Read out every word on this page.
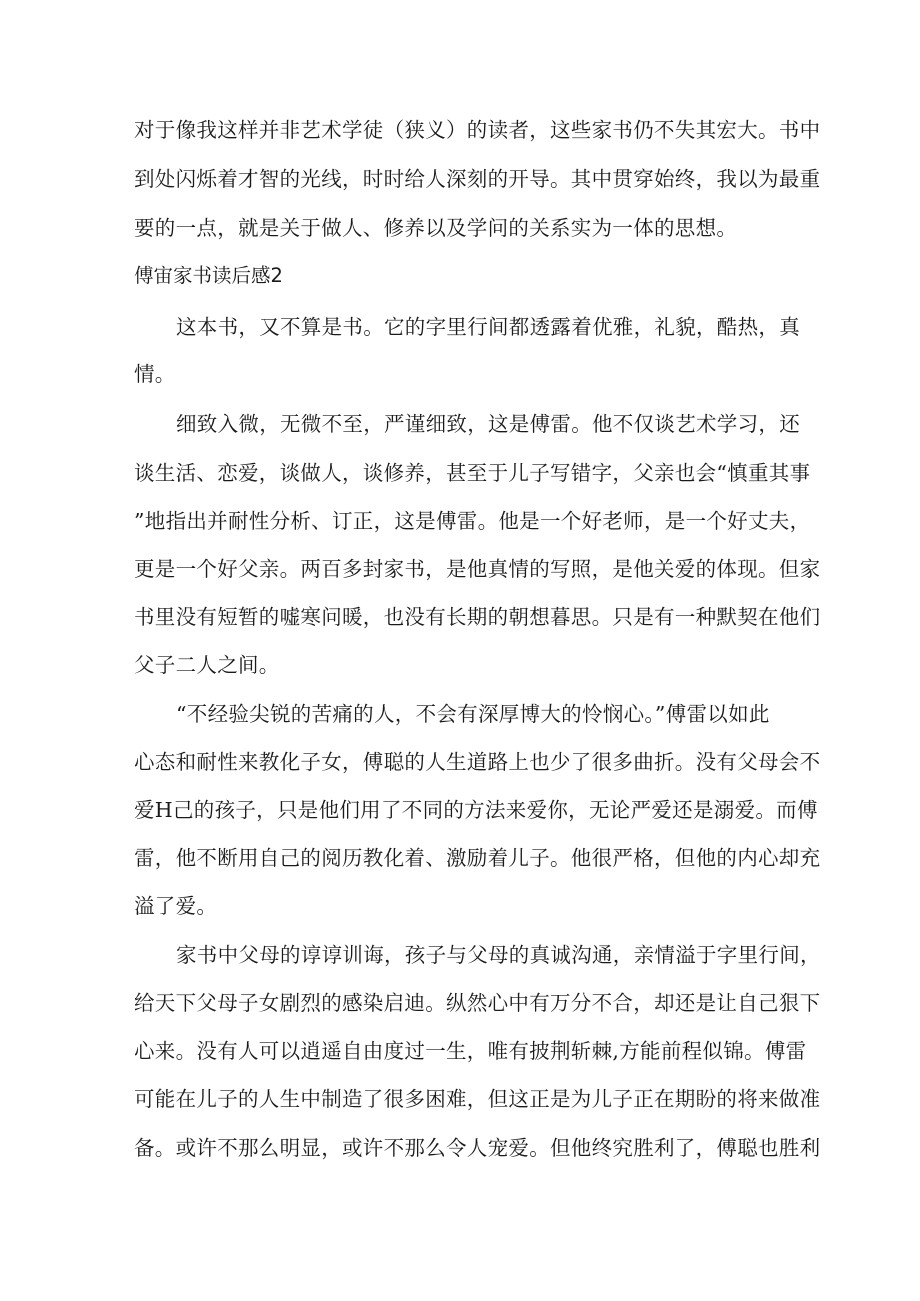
对于像我这样并非艺术学徒（狭义）的读者，这些家书仍不失其宏大。书中
到处闪烁着才智的光线，时时给人深刻的开导。其中贯穿始终，我以为最重
要的一点，就是关于做人、修养以及学问的关系实为一体的思想。
傅宙家书读后感2
这本书，又不算是书。它的字里行间都透露着优雅，礼貌，酷热，真
情。
细致入微，无微不至，严谨细致，这是傅雷。他不仅谈艺术学习，还
谈生活、恋爱，谈做人，谈修养，甚至于儿子写错字，父亲也会“慎重其事
”地指出并耐性分析、订正，这是傅雷。他是一个好老师，是一个好丈夫，
更是一个好父亲。两百多封家书，是他真情的写照，是他关爱的体现。但家
书里没有短暂的嘘寒问暖，也没有长期的朝想暮思。只是有一种默契在他们
父子二人之间。
“不经验尖锐的苦痛的人，不会有深厚博大的怜悯心。”傅雷以如此
心态和耐性来教化子女，傅聪的人生道路上也少了很多曲折。没有父母会不
爱H己的孩子，只是他们用了不同的方法来爱你，无论严爱还是溺爱。而傅
雷，他不断用自己的阅历教化着、激励着儿子。他很严格，但他的内心却充
溢了爱。
家书中父母的谆谆训诲，孩子与父母的真诚沟通，亲情溢于字里行间，
给天下父母子女剧烈的感染启迪。纵然心中有万分不合，却还是让自己狠下
心来。没有人可以逍遥自由度过一生，唯有披荆斩棘,方能前程似锦。傅雷
可能在儿子的人生中制造了很多困难，但这正是为儿子正在期盼的将来做准
备。或许不那么明显，或许不那么令人宠爱。但他终究胜利了，傅聪也胜利
